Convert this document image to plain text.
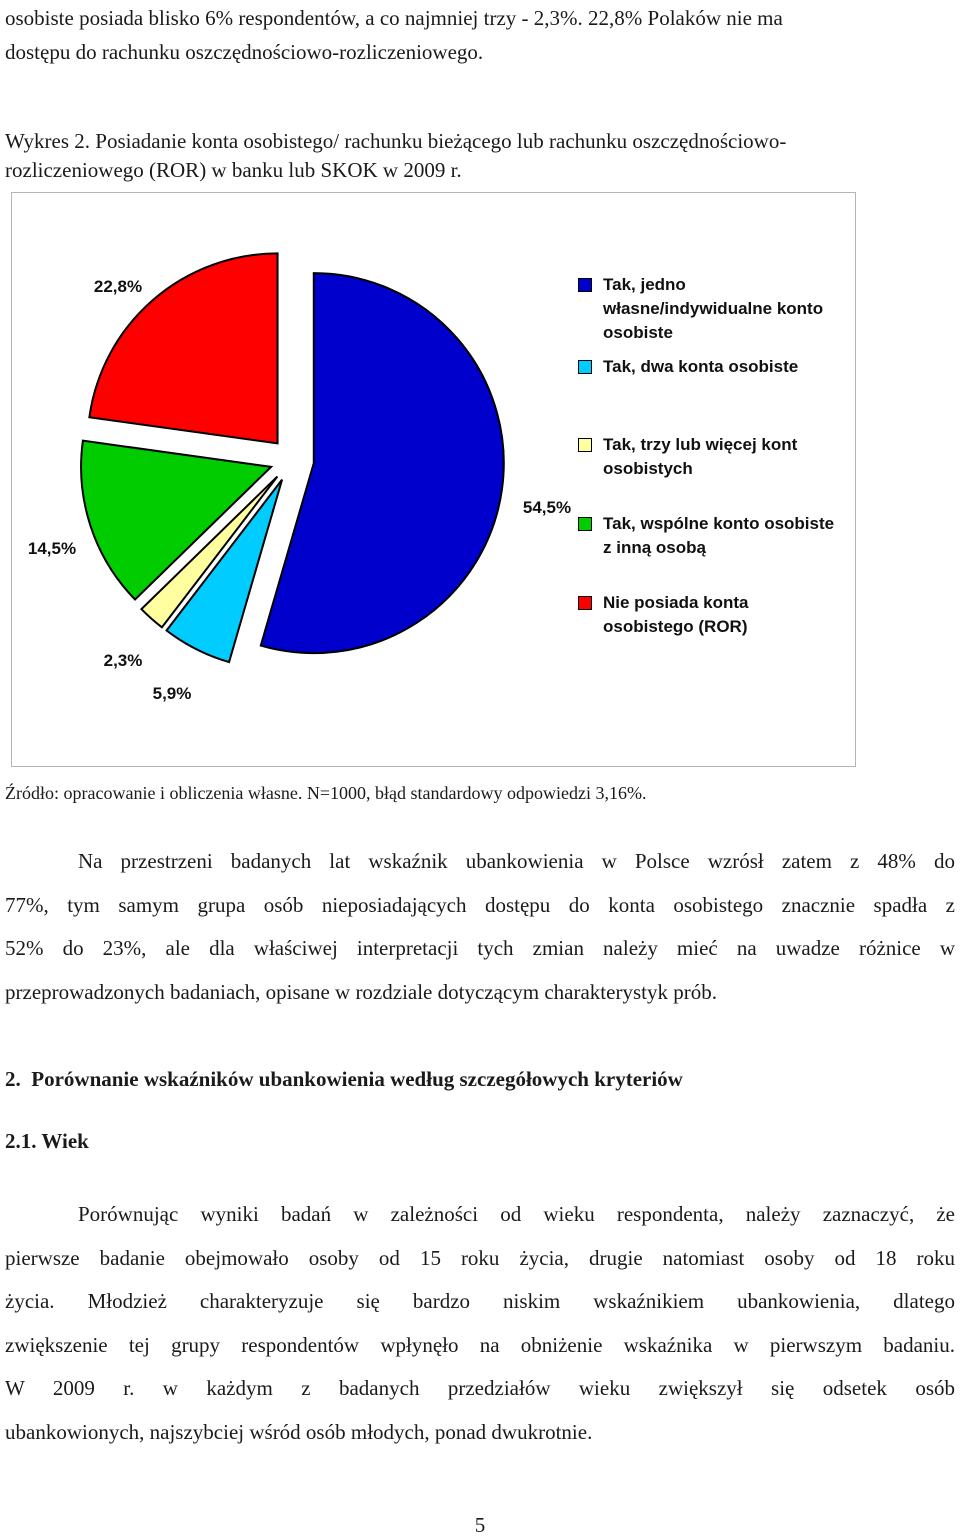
osobiste posiada blisko 6% respondentów, a co najmniej trzy - 2,3%. 22,8% Polaków nie ma
dostępu do rachunku oszczędnościowo-rozliczeniowego.
Wykres 2. Posiadanie konta osobistego/ rachunku bieżącego lub rachunku oszczędnościowo-
rozliczeniowego (ROR) w banku lub SKOK w 2009 r.
54,5%
5,9%
2,3%
14,5%
22,8%	Tak, jedno własne/indywidualne konto osobiste
Tak, dwa konta osobiste
Tak, trzy lub więcej kont osobistych
Tak, wspólne konto osobiste z inną osobą
Nie posiada konta osobistego (ROR)
Źródło: opracowanie i obliczenia własne. N=1000, błąd standardowy odpowiedzi 3,16%.
Na przestrzeni badanych lat wskaźnik ubankowienia w Polsce wzrósł zatem z 48% do
77%, tym samym grupa osób nieposiadających dostępu do konta osobistego znacznie spadła z
52% do 23%, ale dla właściwej interpretacji tych zmian należy mieć na uwadze różnice w
przeprowadzonych badaniach, opisane w rozdziale dotyczącym charakterystyk prób.
2.  Porównanie wskaźników ubankowienia według szczegółowych kryteriów
2.1. Wiek
Porównując wyniki badań w zależności od wieku respondenta, należy zaznaczyć, że
pierwsze badanie obejmowało osoby od 15 roku życia, drugie natomiast osoby od 18 roku
życia. Młodzież charakteryzuje się bardzo niskim wskaźnikiem ubankowienia, dlatego
zwiększenie tej grupy respondentów wpłynęło na obniżenie wskaźnika w pierwszym badaniu.
W 2009 r. w każdym z badanych przedziałów wieku zwiększył się odsetek osób
ubankowionych, najszybciej wśród osób młodych, ponad dwukrotnie.
5
